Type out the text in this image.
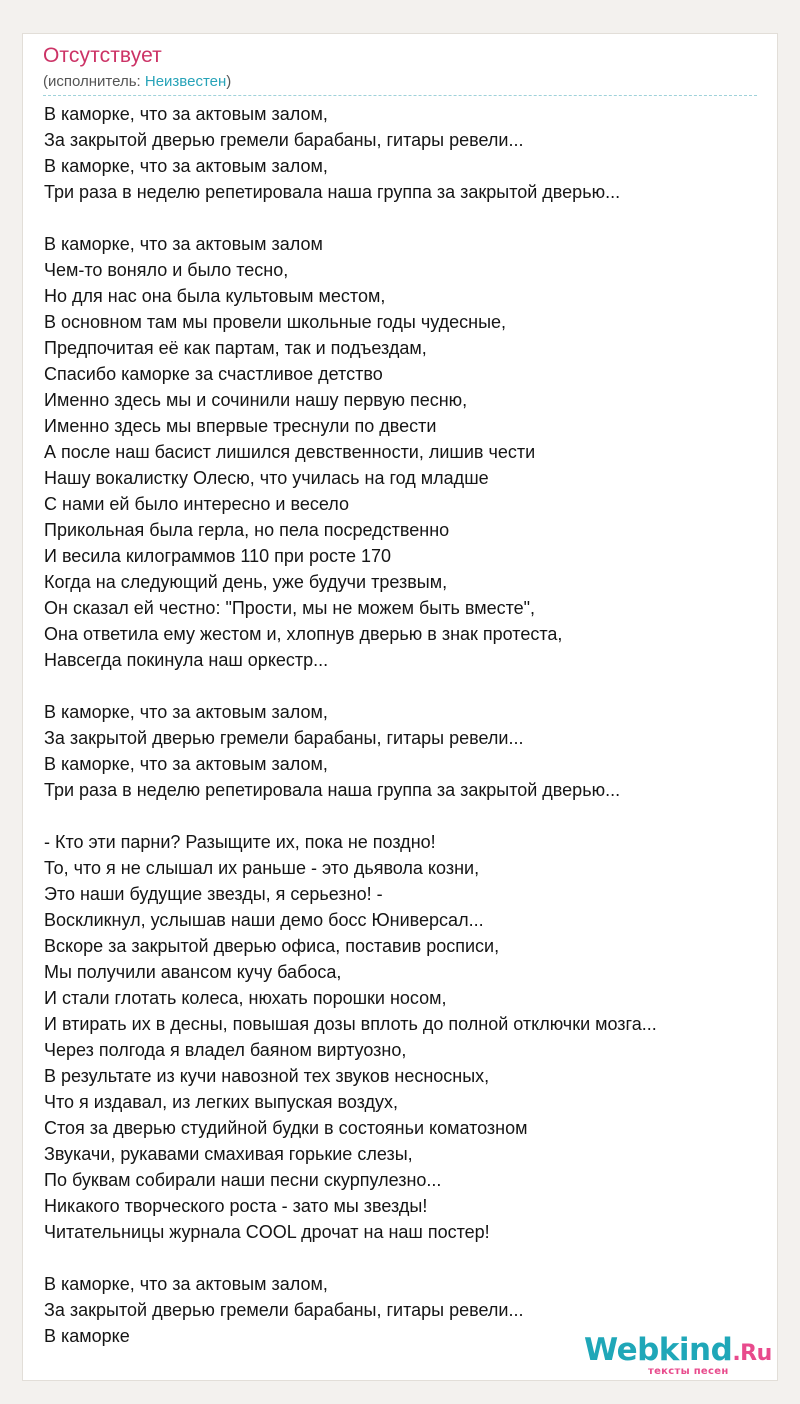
Отсутствует
(исполнитель: Неизвестен)
В каморке, что за актовым залом,
За закрытой дверью гремели барабаны, гитары ревели...
В каморке, что за актовым залом,
Три раза в неделю репетировала наша группа за закрытой дверью...
В каморке, что за актовым залом
Чем-то воняло и было тесно,
Но для нас она была культовым местом,
В основном там мы провели школьные годы чудесные,
Предпочитая её как партам, так и подъездам,
Спасибо каморке за счастливое детство
Именно здесь мы и сочинили нашу первую песню,
Именно здесь мы впервые треснули по двести
А после наш басист лишился девственности, лишив чести
Нашу вокалистку Олесю, что училась на год младше
С нами ей было интересно и весело
Прикольная была герла, но пела посредственно
И весила килограммов 110 при росте 170
Когда на следующий день, уже будучи трезвым,
Он сказал ей честно: "Прости, мы не можем быть вместе",
Она ответила ему жестом и, хлопнув дверью в знак протеста,
Навсегда покинула наш оркестр...
В каморке, что за актовым залом,
За закрытой дверью гремели барабаны, гитары ревели...
В каморке, что за актовым залом,
Три раза в неделю репетировала наша группа за закрытой дверью...
- Кто эти парни? Разыщите их, пока не поздно!
То, что я не слышал их раньше - это дьявола козни,
Это наши будущие звезды, я серьезно! -
Воскликнул, услышав наши демо босс Юниверсал...
Вскоре за закрытой дверью офиса, поставив росписи,
Мы получили авансом кучу бабоса,
И стали глотать колеса, нюхать порошки носом,
И втирать их в десны, повышая дозы вплоть до полной отключки мозга...
Через полгода я владел баяном виртуозно,
В результате из кучи навозной тех звуков несносных,
Что я издавал, из легких выпуская воздух,
Стоя за дверью студийной будки в состояньи коматозном
Звукачи, рукавами смахивая горькие слезы,
По буквам собирали наши песни скурпулезно...
Никакого творческого роста - зато мы звезды!
Читательницы журнала COOL дрочат на наш постер!
В каморке, что за актовым залом,
За закрытой дверью гремели барабаны, гитары ревели...
В каморке	Webkind.Ru
тексты песен
